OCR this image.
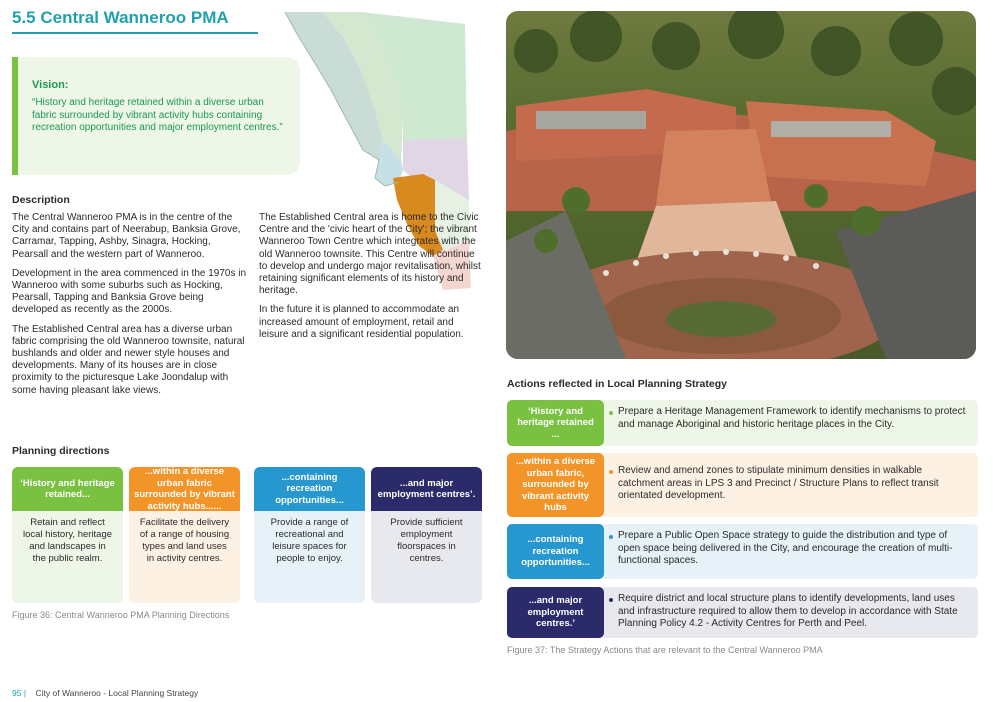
5.5 Central Wanneroo PMA
Vision:
“History and heritage retained within a diverse urban fabric surrounded by vibrant activity hubs containing recreation opportunities and major employment centres.”
Description

The Central Wanneroo PMA is in the centre of the City and contains part of Neerabup, Banksia Grove, Carramar, Tapping, Ashby, Sinagra, Hocking, Pearsall and the western part of Wanneroo.

Development in the area commenced in the 1970s in Wanneroo with some suburbs such as Hocking, Pearsall, Tapping and Banksia Grove being developed as recently as the 2000s.

The Established Central area has a diverse urban fabric comprising the old Wanneroo townsite, natural bushlands and older and newer style houses and developments. Many of its houses are in close proximity to the picturesque Lake Joondalup with some having pleasant lake views.

The Established Central area is home to the Civic Centre and the 'civic heart of the City'; the vibrant Wanneroo Town Centre which integrates with the old Wanneroo townsite. This Centre will continue to develop and undergo major revitalisation, whilst retaining significant elements of its history and heritage.

In the future it is planned to accommodate an increased amount of employment, retail and leisure and a significant residential population.

Planning directions
‘History and heritage retained...
Retain and reflect local history, heritage and landscapes in the public realm.
...within a diverse urban fabric surrounded by vibrant activity hubs......
Facilitate the delivery of a range of housing types and land uses in activity centres.
...containing recreation opportunities...
Provide a range of recreational and leisure spaces for people to enjoy.
...and major employment centres’.
Provide sufficient employment floorspaces in centres.
Figure 36: Central Wanneroo PMA Planning Directions
Actions reflected in Local Planning Strategy
‘History and heritage retained ...
Prepare a Heritage Management Framework to identify mechanisms to protect and manage Aboriginal and historic heritage places in the City.
...within a diverse urban fabric, surrounded by vibrant activity hubs
Review and amend zones to stipulate minimum densities in walkable catchment areas in LPS 3 and Precinct / Structure Plans to reflect transit orientated development.
...containing recreation opportunities...
Prepare a Public Open Space strategy to guide the distribution and type of open space being delivered in the City, and encourage the creation of multi-functional spaces.
...and major employment centres.’
Require district and local structure plans to identify developments, land uses and infrastructure required to allow them to develop in accordance with State Planning Policy 4.2 - Activity Centres for Perth and Peel.
Figure 37: The Strategy Actions that are relevant to the Central Wanneroo PMA
95 | City of Wanneroo - Local Planning Strategy
